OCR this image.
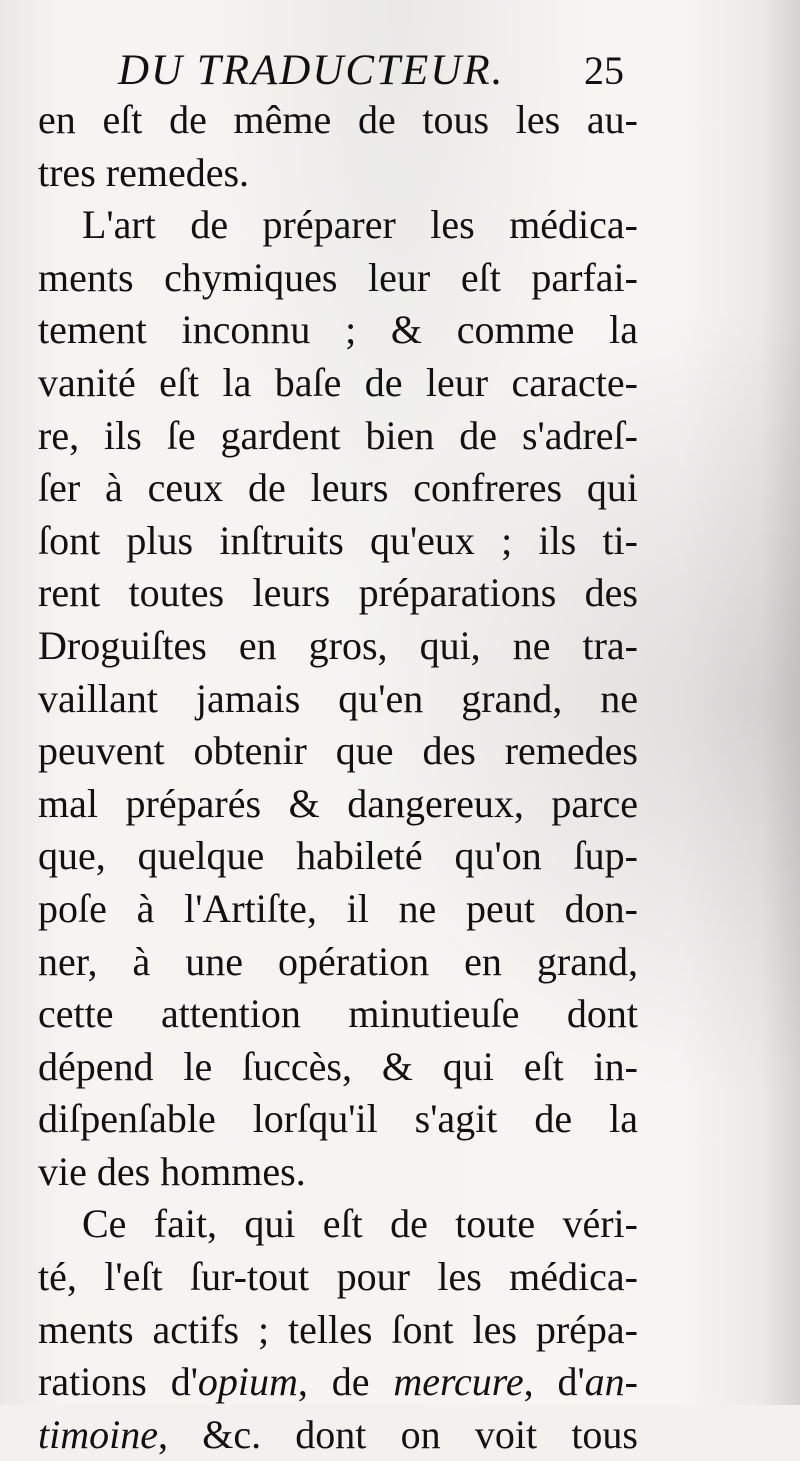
DU TRADUCTEUR. 25
en eſt de même de tous les au-
tres remedes.
L'art de préparer les médica-
ments chymiques leur eſt parfai-
tement inconnu ; & comme la
vanité eſt la baſe de leur caracte-
re, ils ſe gardent bien de s'adreſ-
ſer à ceux de leurs confreres qui
ſont plus inſtruits qu'eux ; ils ti-
rent toutes leurs préparations des
Droguiſtes en gros, qui, ne tra-
vaillant jamais qu'en grand, ne
peuvent obtenir que des remedes
mal préparés & dangereux, parce
que, quelque habileté qu'on ſup-
poſe à l'Artiſte, il ne peut don-
ner, à une opération en grand,
cette attention minutieuſe dont
dépend le ſuccès, & qui eſt in-
diſpenſable lorſqu'il s'agit de la
vie des hommes.
Ce fait, qui eſt de toute véri-
té, l'eſt ſur-tout pour les médica-
ments actifs ; telles ſont les prépa-
rations d'opium, de mercure, d'an-
timoine, &c. dont on voit tous
